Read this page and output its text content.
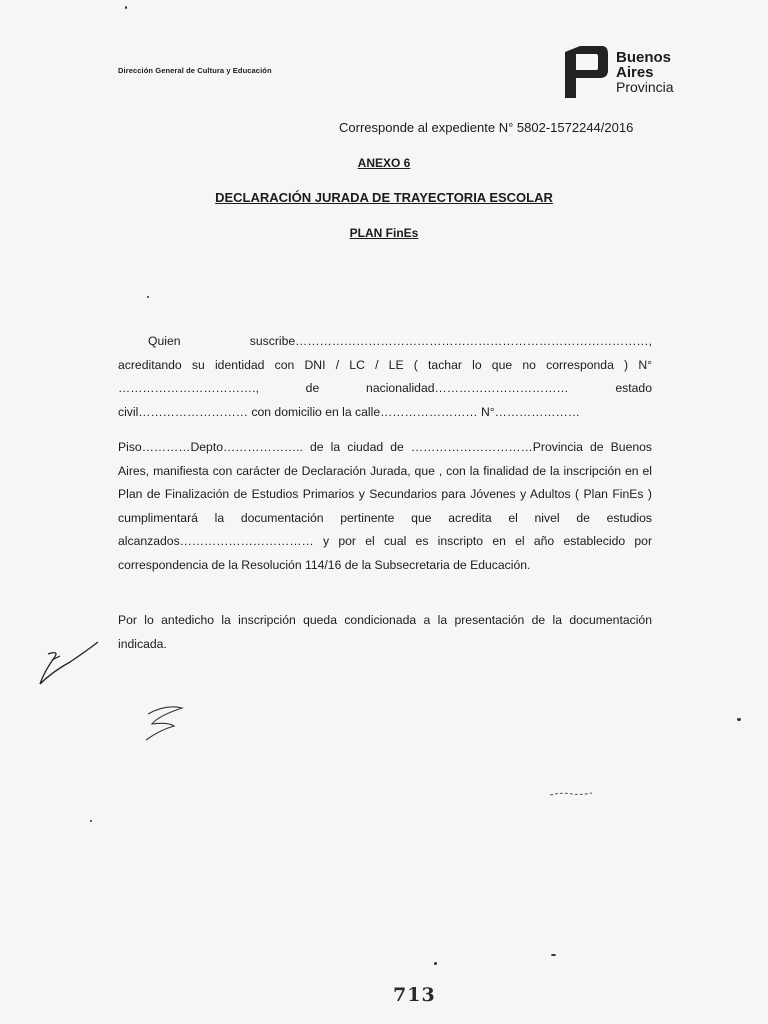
Dirección General de Cultura y Educación
Buenos
Aires
Provincia
Corresponde al expediente N° 5802-1572244/2016
ANEXO 6
DECLARACIÓN JURADA DE TRAYECTORIA ESCOLAR
PLAN FinEs
Quien suscribe……………………………………………………………………………, acreditando su identidad con DNI / LC / LE ( tachar lo que no corresponda ) N° ……………………………., de nacionalidad…………………………… estado civil……………………… con domicilio en la calle…………………… N°…………………
Piso…………Depto……………….. de la ciudad de …………………………Provincia de Buenos Aires, manifiesta con carácter de Declaración Jurada, que , con la finalidad de la inscripción en el Plan de Finalización de Estudios Primarios y Secundarios para Jóvenes y Adultos ( Plan FinEs ) cumplimentará la documentación pertinente que acredita el nivel de estudios alcanzados…………………………… y por el cual es inscripto en el año establecido por correspondencia de la Resolución 114/16 de la Subsecretaria de Educación.
Por lo antedicho la inscripción queda condicionada a la presentación de la documentación indicada.
713
